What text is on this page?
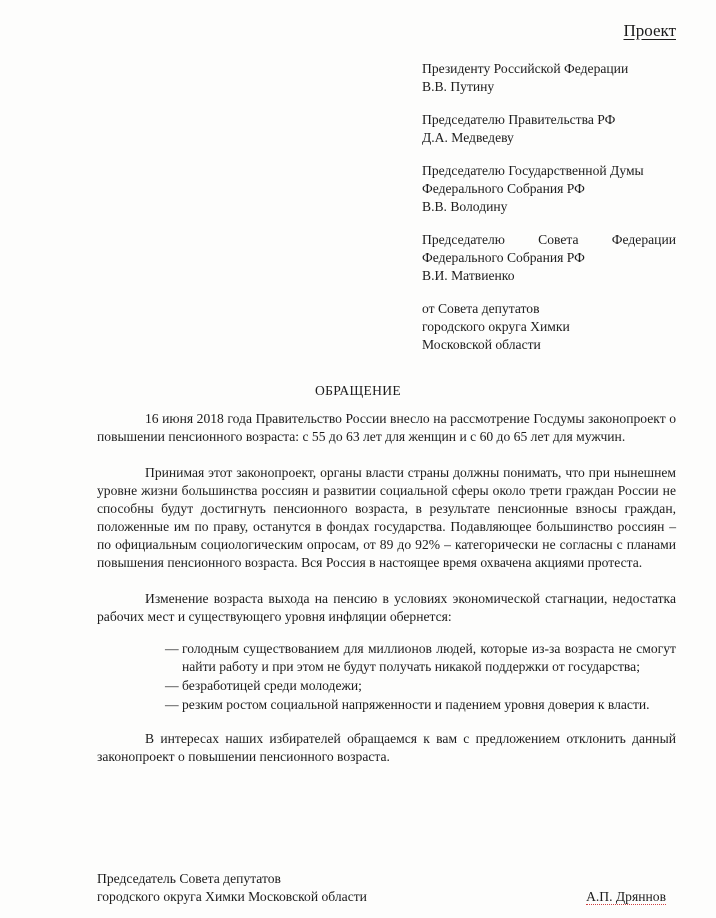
Проект
Президенту Российской Федерации
В.В. Путину
Председателю Правительства РФ
Д.А. Медведеву
Председателю Государственной Думы
Федерального Собрания РФ
В.В. Володину
Председателю Совета Федерации
Федерального Собрания РФ
В.И. Матвиенко
от Совета депутатов
городского округа Химки
Московской области
ОБРАЩЕНИЕ

16 июня 2018 года Правительство России внесло на рассмотрение Госдумы законопроект о повышении пенсионного возраста: с 55 до 63 лет для женщин и с 60 до 65 лет для мужчин.

Принимая этот законопроект, органы власти страны должны понимать, что при нынешнем уровне жизни большинства россиян и развитии социальной сферы около трети граждан России не способны будут достигнуть пенсионного возраста, в результате пенсионные взносы граждан, положенные им по праву, останутся в фондах государства. Подавляющее большинство россиян – по официальным социологическим опросам, от 89 до 92% – категорически не согласны с планами повышения пенсионного возраста. Вся Россия в настоящее время охвачена акциями протеста.

Изменение возраста выхода на пенсию в условиях экономической стагнации, недостатка рабочих мест и существующего уровня инфляции обернется:

— голодным существованием для миллионов людей, которые из-за возраста не смогут найти работу и при этом не будут получать никакой поддержки от государства;
— безработицей среди молодежи;
— резким ростом социальной напряженности и падением уровня доверия к власти.

В интересах наших избирателей обращаемся к вам с предложением отклонить данный законопроект о повышении пенсионного возраста.

Председатель Совета депутатов
городского округа Химки Московской области	А.П. Дряннов
